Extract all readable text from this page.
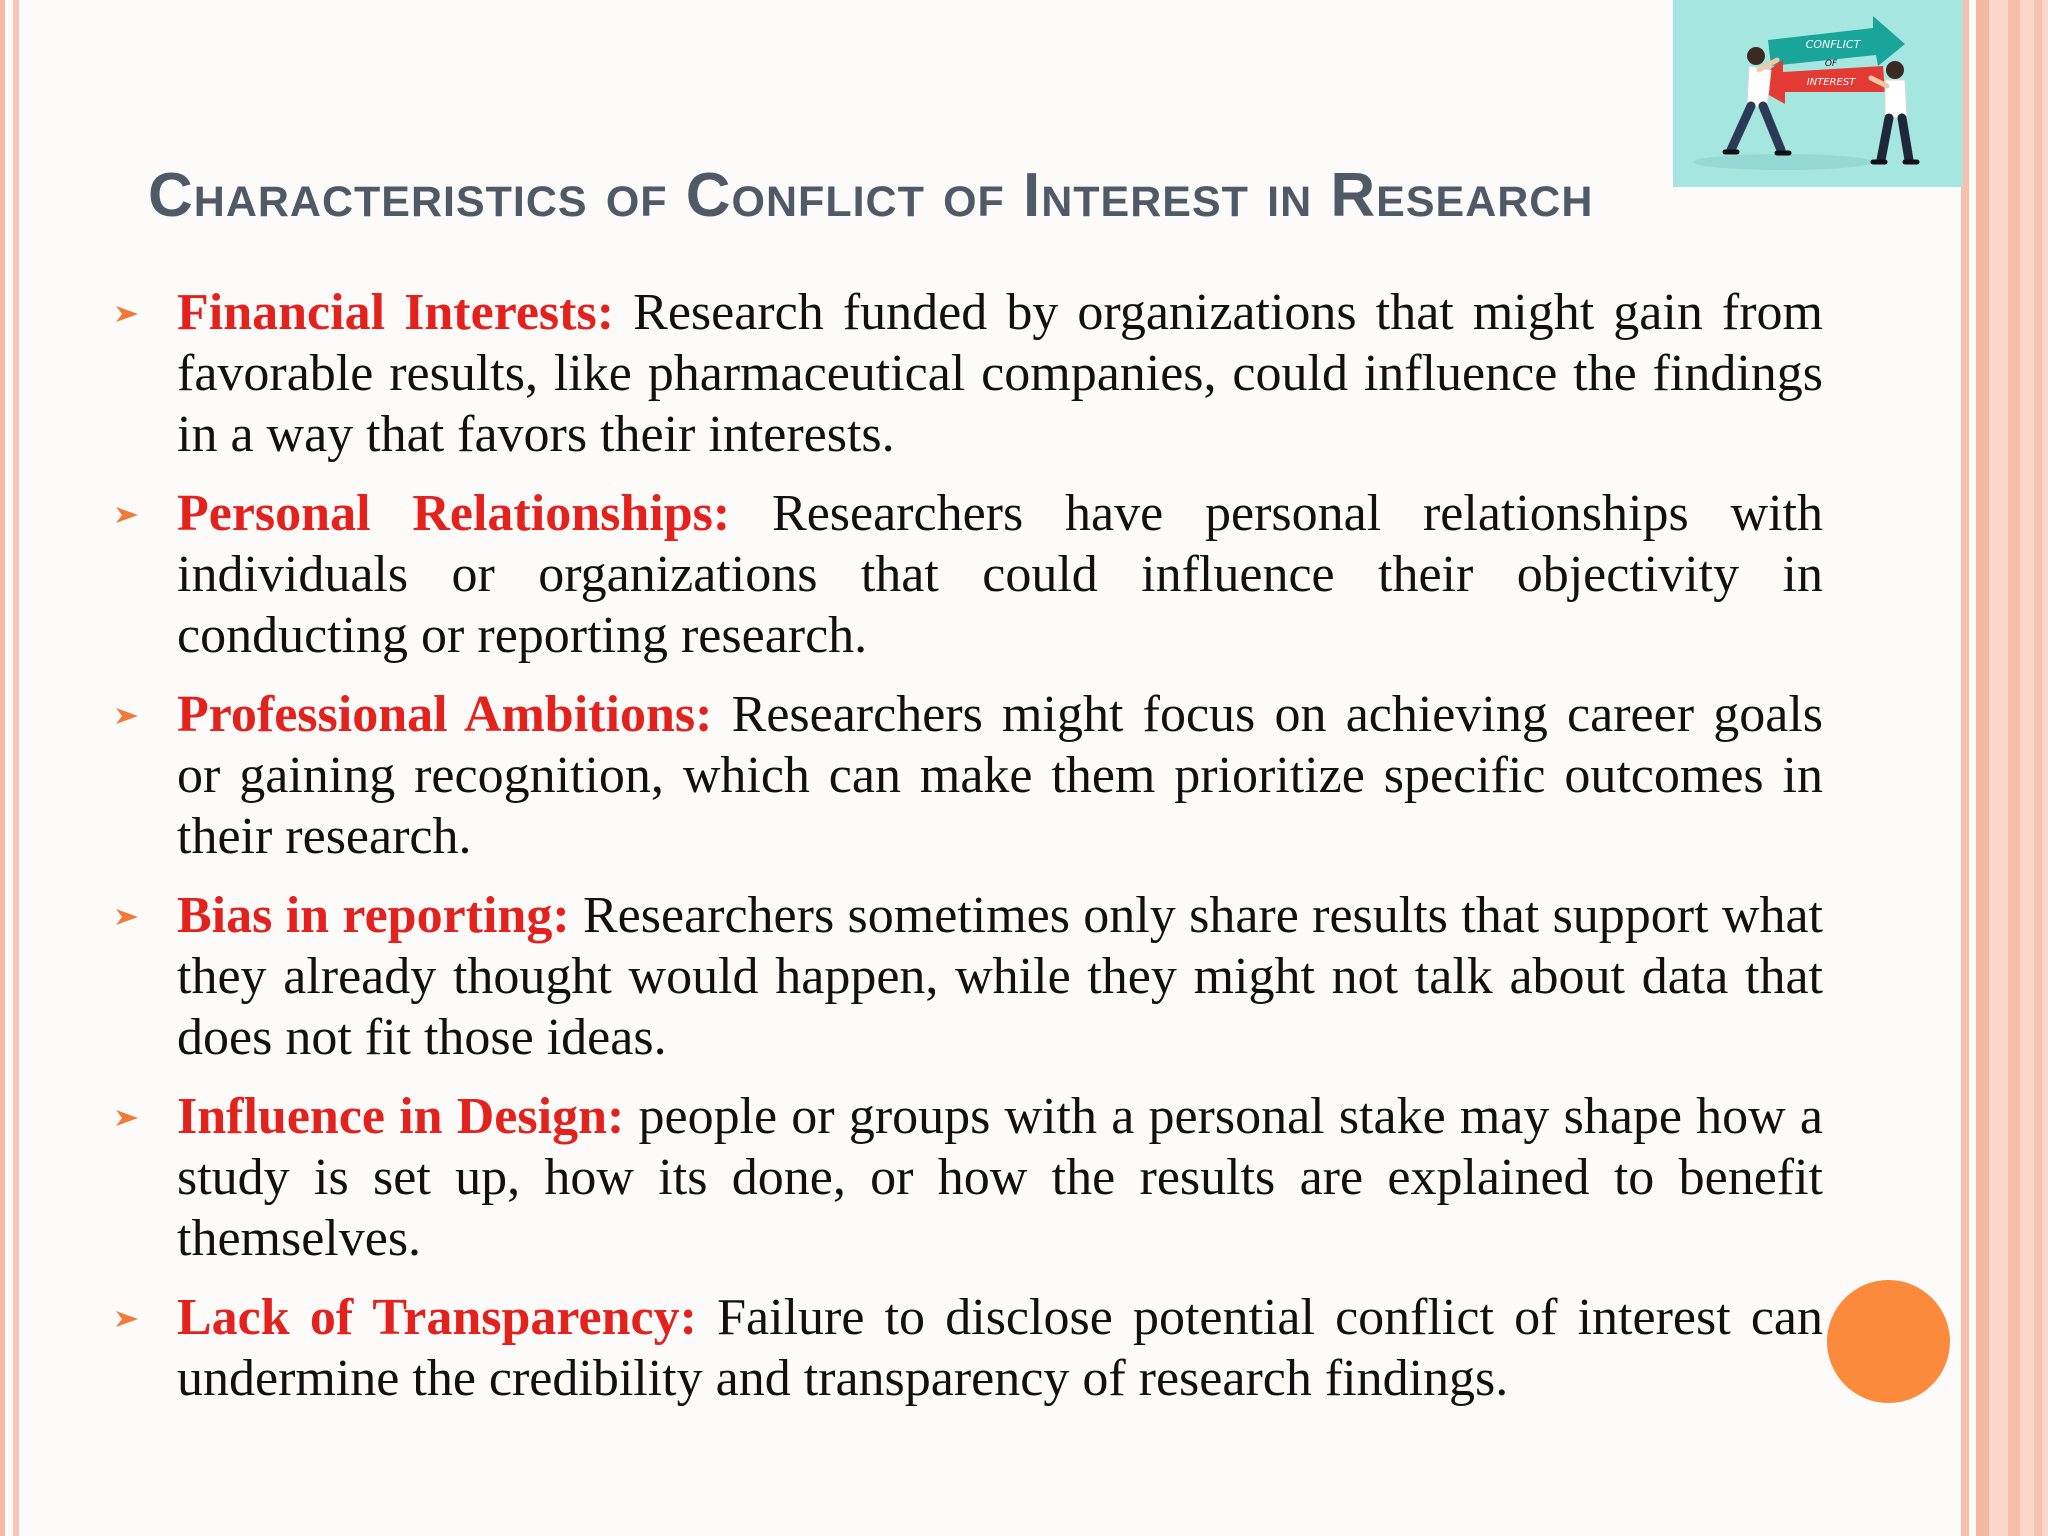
Characteristics of Conflict of Interest in Research
CONFLICT
OF
INTEREST
Financial Interests: Research funded by organizations that might gain from favorable results, like pharmaceutical companies, could influence the findings in a way that favors their interests.
Personal Relationships: Researchers have personal relationships with individuals or organizations that could influence their objectivity in conducting or reporting research.
Professional Ambitions: Researchers might focus on achieving career goals or gaining recognition, which can make them prioritize specific outcomes in their research.
Bias in reporting: Researchers sometimes only share results that support what they already thought would happen, while they might not talk about data that does not fit those ideas.
Influence in Design: people or groups with a personal stake may shape how a study is set up, how its done, or how the results are explained to benefit themselves.
Lack of Transparency: Failure to disclose potential conflict of interest can undermine the credibility and transparency of research findings.
